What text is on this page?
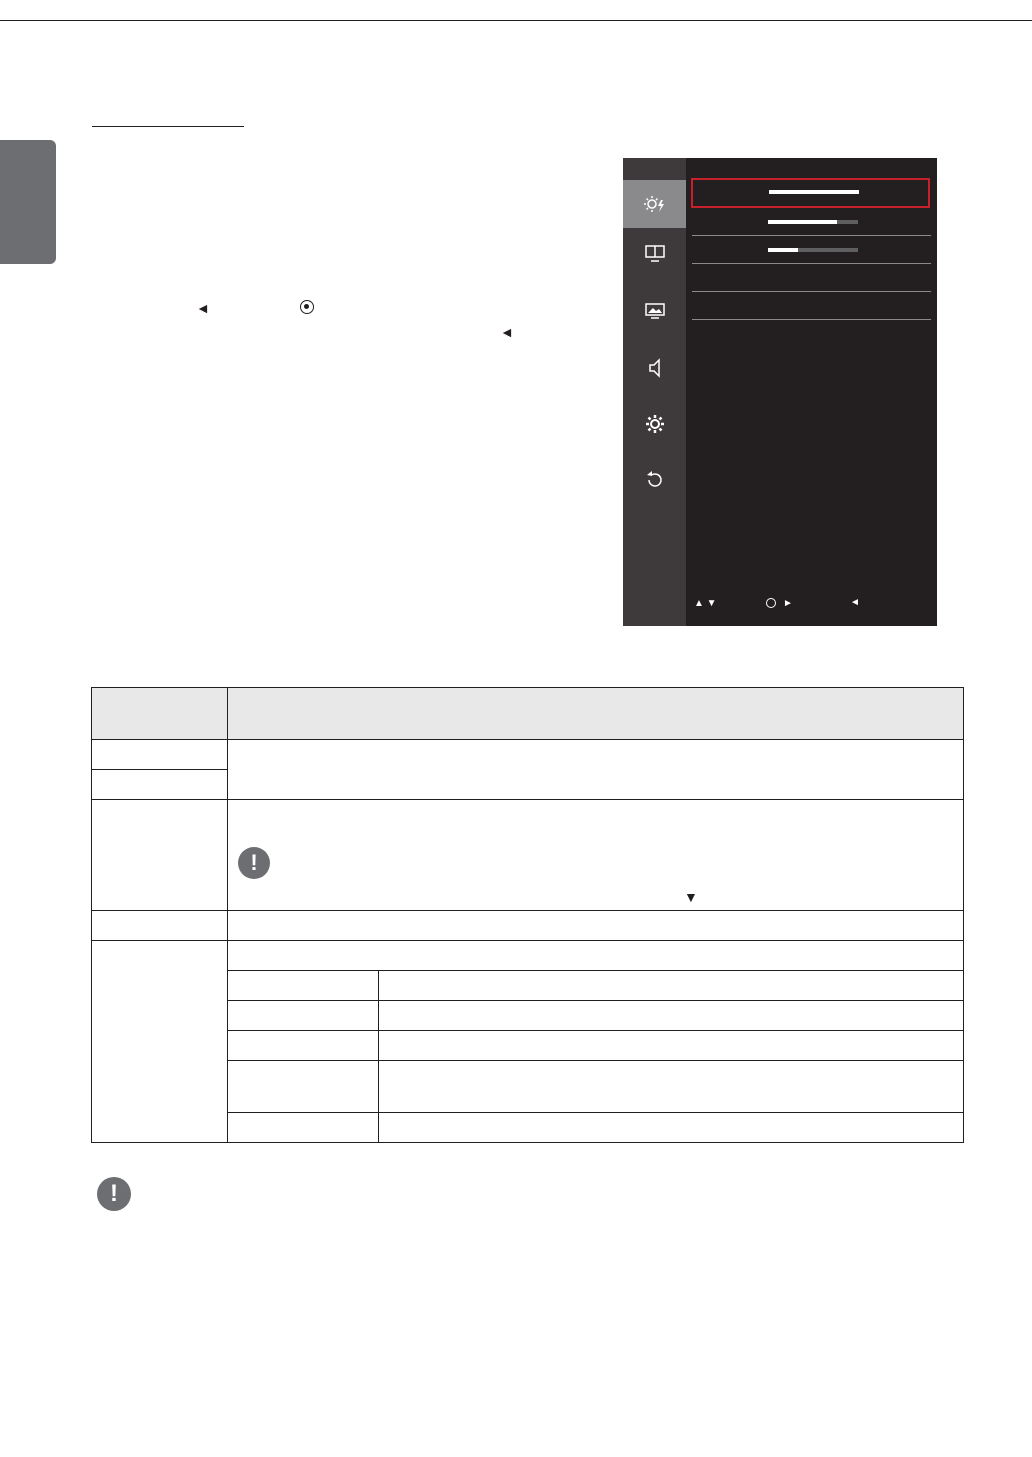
◄
◄
▲ ▼	►	◄

	!
▼	

!
